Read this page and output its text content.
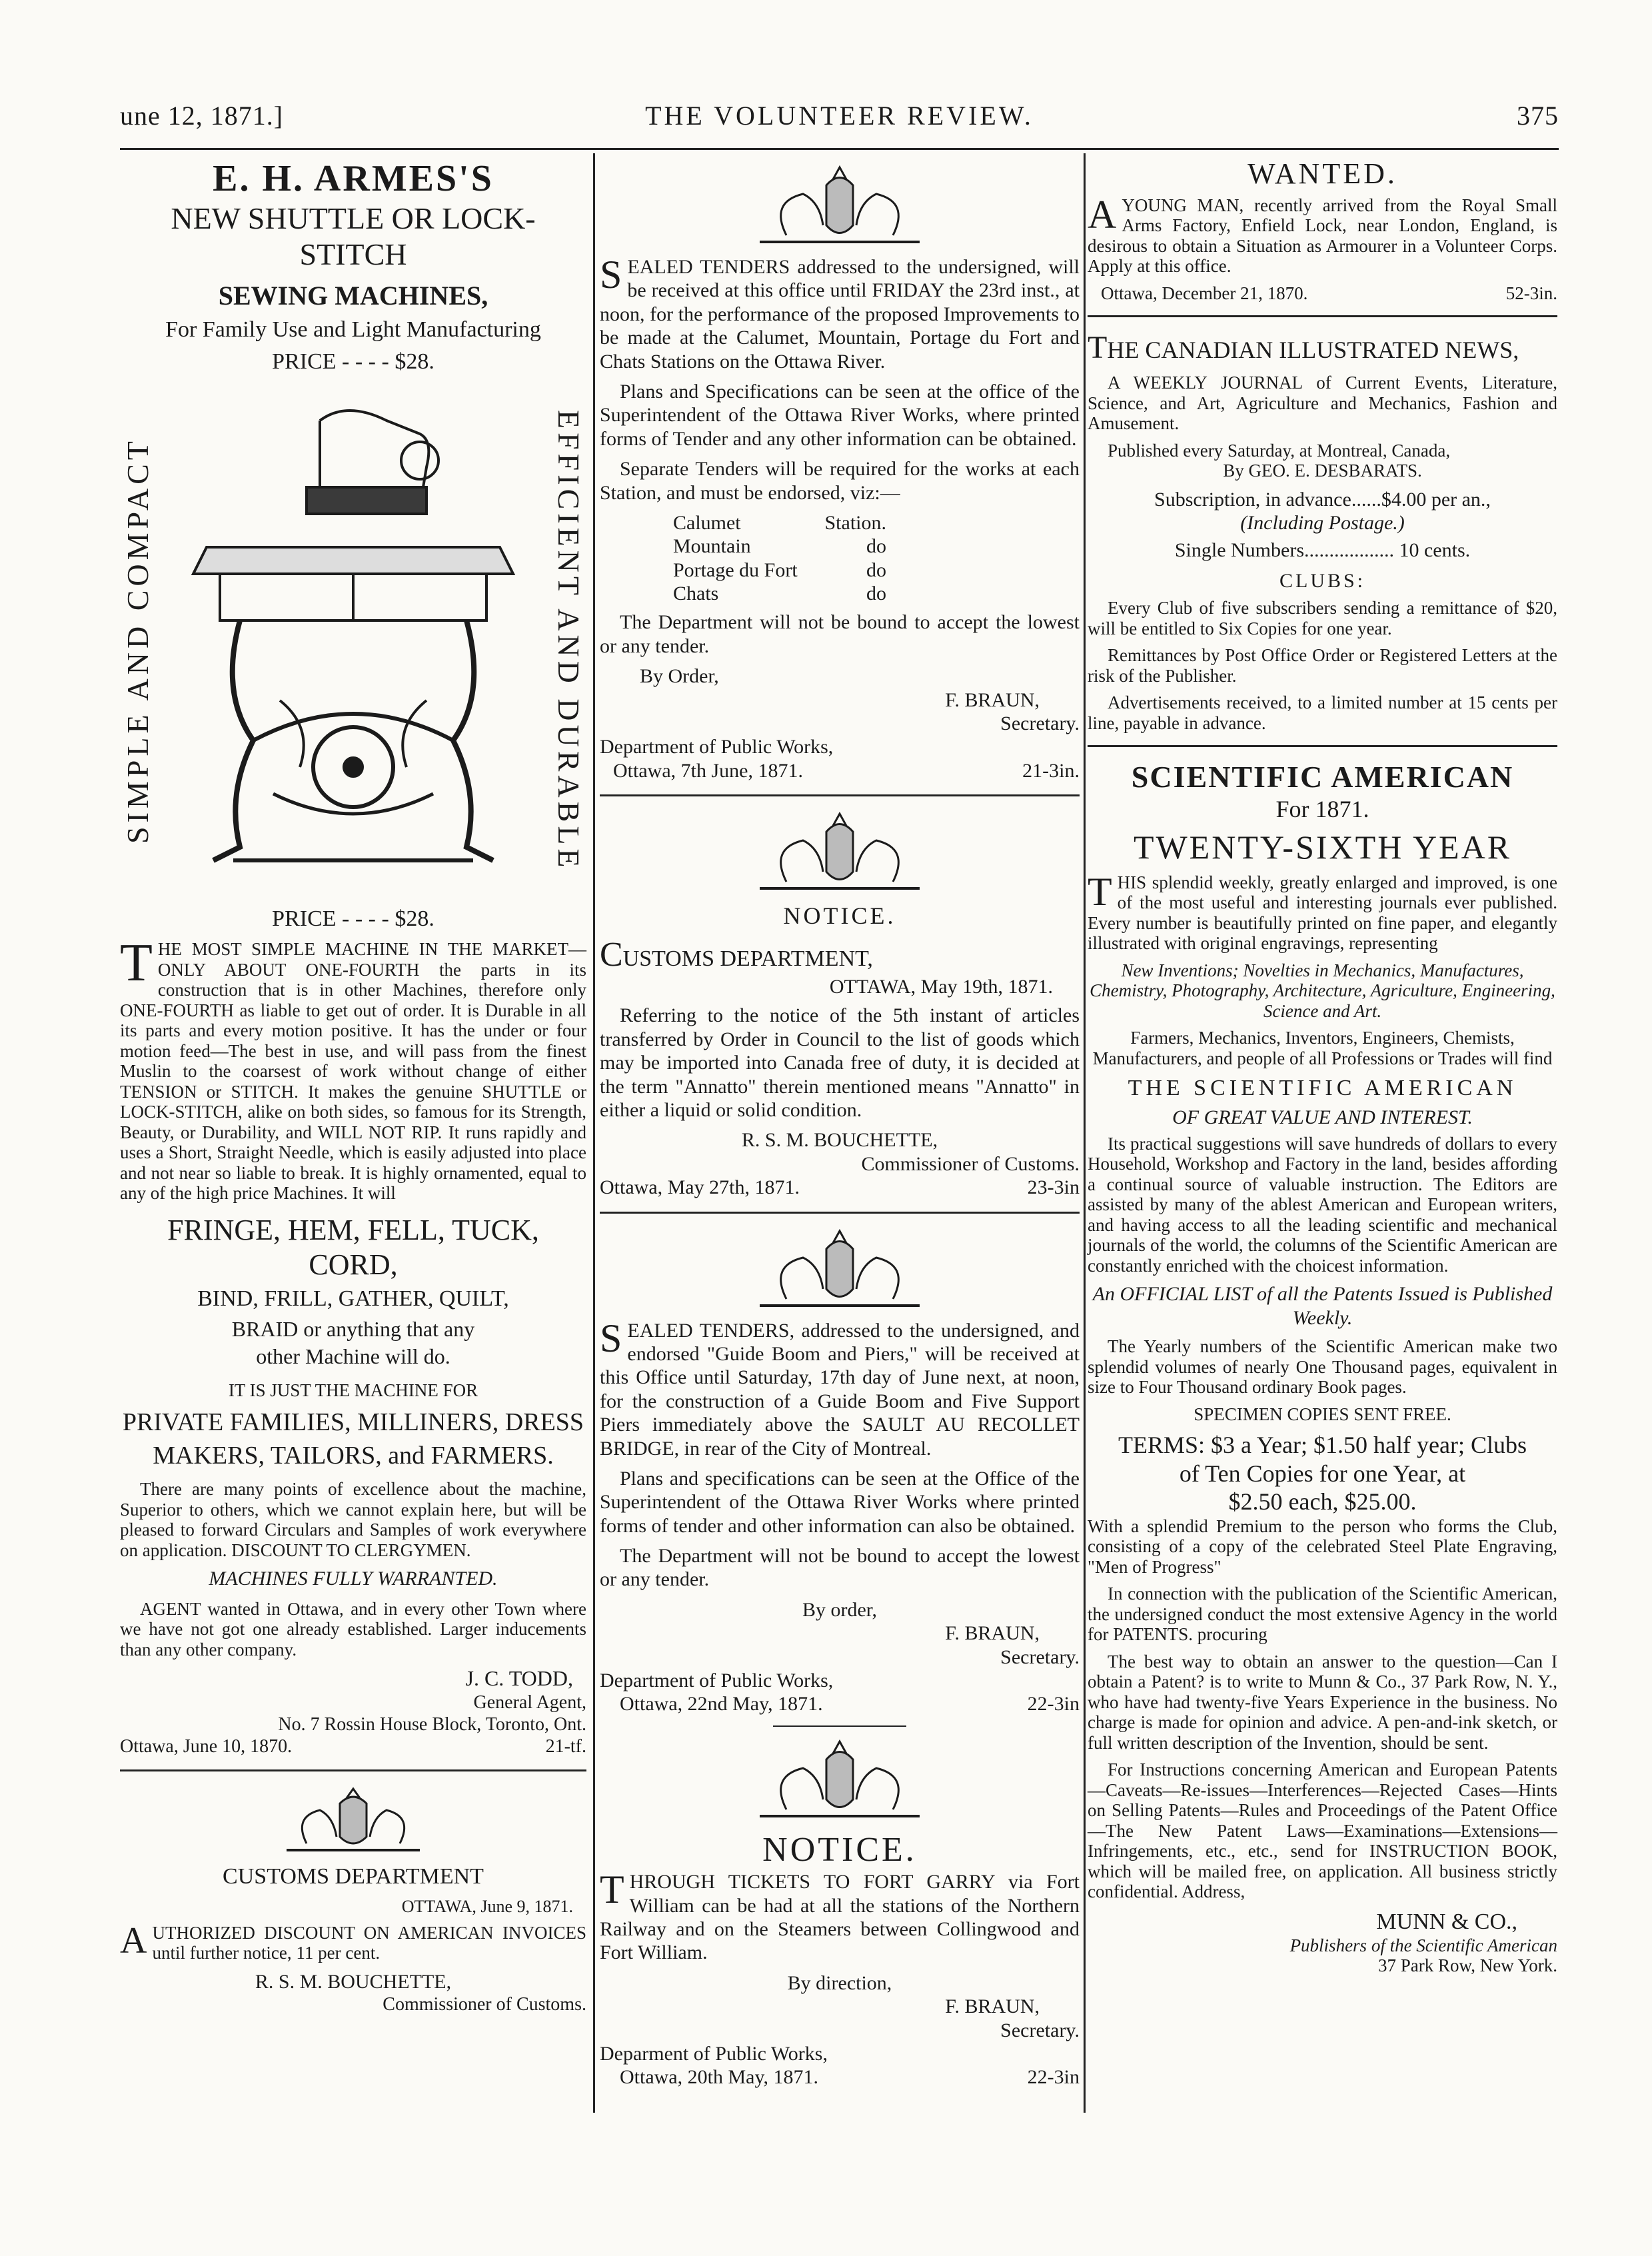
une 12, 1871.]	THE VOLUNTEER REVIEW.	375
E. H. ARMES'S
NEW SHUTTLE OR LOCK-STITCH
SEWING MACHINES,
For Family Use and Light Manufacturing
PRICE - - - - $28.
SIMPLE AND COMPACT	EFFICIENT AND DURABLE
PRICE - - - - $28.

THE MOST SIMPLE MACHINE IN THE MARKET—ONLY ABOUT ONE-FOURTH the parts in its construction that is in other Machines, therefore only ONE-FOURTH as liable to get out of order. It is Durable in all its parts and every motion positive. It has the under or four motion feed—The best in use, and will pass from the finest Muslin to the coarsest of work without change of either TENSION or STITCH. It makes the genuine SHUTTLE or LOCK-STITCH, alike on both sides, so famous for its Strength, Beauty, or Durability, and WILL NOT RIP. It runs rapidly and uses a Short, Straight Needle, which is easily adjusted into place and not near so liable to break. It is highly ornamented, equal to any of the high price Machines. It will

FRINGE, HEM, FELL, TUCK, CORD,
BIND, FRILL, GATHER, QUILT,
BRAID or anything that any
other Machine will do.
IT IS JUST THE MACHINE FOR
PRIVATE FAMILIES, MILLINERS, DRESS
MAKERS, TAILORS, and FARMERS.

There are many points of excellence about the machine, Superior to others, which we cannot explain here, but will be pleased to forward Circulars and Samples of work everywhere on application. DISCOUNT TO CLERGYMEN.

MACHINES FULLY WARRANTED.

AGENT wanted in Ottawa, and in every other Town where we have not got one already established. Larger inducements than any other company.

J. C. TODD,
General Agent,
No. 7 Rossin House Block, Toronto, Ont.
Ottawa, June 10, 1870.	21-tf.
CUSTOMS DEPARTMENT
OTTAWA, June 9, 1871.

AUTHORIZED DISCOUNT ON AMERICAN INVOICES until further notice, 11 per cent.

R. S. M. BOUCHETTE,
Commissioner of Customs.

SEALED TENDERS addressed to the undersigned, will be received at this office until FRIDAY the 23rd inst., at noon, for the performance of the proposed Improvements to be made at the Calumet, Mountain, Portage du Fort and Chats Stations on the Ottawa River.

Plans and Specifications can be seen at the office of the Superintendent of the Ottawa River Works, where printed forms of Tender and any other information can be obtained.

Separate Tenders will be required for the works at each Station, and must be endorsed, viz:—

Calumet	Station.
Mountain	do
Portage du Fort	do
Chats	do

The Department will not be bound to accept the lowest or any tender.

By Order,
F. BRAUN,
Secretary.
Department of Public Works,
Ottawa, 7th June, 1871.	21-3in.
NOTICE.
CUSTOMS DEPARTMENT,
OTTAWA, May 19th, 1871.

Referring to the notice of the 5th instant of articles transferred by Order in Council to the list of goods which may be imported into Canada free of duty, it is decided at the term "Annatto" therein mentioned means "Annatto" in either a liquid or solid condition.

R. S. M. BOUCHETTE,
Commissioner of Customs.
Ottawa, May 27th, 1871.	23-3in

SEALED TENDERS, addressed to the undersigned, and endorsed "Guide Boom and Piers," will be received at this Office until Saturday, 17th day of June next, at noon, for the construction of a Guide Boom and Five Support Piers immediately above the SAULT AU RECOLLET BRIDGE, in rear of the City of Montreal.

Plans and specifications can be seen at the Office of the Superintendent of the Ottawa River Works where printed forms of tender and other information can also be obtained.

The Department will not be bound to accept the lowest or any tender.

By order,
F. BRAUN,
Secretary.
Department of Public Works,
Ottawa, 22nd May, 1871.	22-3in
NOTICE.

THROUGH TICKETS TO FORT GARRY via Fort William can be had at all the stations of the Northern Railway and on the Steamers between Collingwood and Fort William.

By direction,
F. BRAUN,
Secretary.
Deparment of Public Works,
Ottawa, 20th May, 1871.	22-3in
WANTED.

AYOUNG MAN, recently arrived from the Royal Small Arms Factory, Enfield Lock, near London, England, is desirous to obtain a Situation as Armourer in a Volunteer Corps. Apply at this office.

Ottawa, December 21, 1870.	52-3in.
THE CANADIAN ILLUSTRATED NEWS,

A WEEKLY JOURNAL of Current Events, Literature, Science, and Art, Agriculture and Mechanics, Fashion and Amusement.

Published every Saturday, at Montreal, Canada,

By GEO. E. DESBARATS.
Subscription, in advance......$4.00 per an.,
(Including Postage.)
Single Numbers.................. 10 cents.
CLUBS:

Every Club of five subscribers sending a remittance of $20, will be entitled to Six Copies for one year.

Remittances by Post Office Order or Registered Letters at the risk of the Publisher.

Advertisements received, to a limited number at 15 cents per line, payable in advance.

SCIENTIFIC AMERICAN
For 1871.
TWENTY-SIXTH YEAR

THIS splendid weekly, greatly enlarged and improved, is one of the most useful and interesting journals ever published. Every number is beautifully printed on fine paper, and elegantly illustrated with original engravings, representing

New Inventions; Novelties in Mechanics, Manufactures, Chemistry, Photography, Architecture, Agriculture, Engineering, Science and Art.

Farmers, Mechanics, Inventors, Engineers, Chemists, Manufacturers, and people of all Professions or Trades will find

THE SCIENTIFIC AMERICAN
OF GREAT VALUE AND INTEREST.

Its practical suggestions will save hundreds of dollars to every Household, Workshop and Factory in the land, besides affording a continual source of valuable instruction. The Editors are assisted by many of the ablest American and European writers, and having access to all the leading scientific and mechanical journals of the world, the columns of the Scientific American are constantly enriched with the choicest information.

An OFFICIAL LIST of all the Patents Issued is Published Weekly.

The Yearly numbers of the Scientific American make two splendid volumes of nearly One Thousand pages, equivalent in size to Four Thousand ordinary Book pages.

SPECIMEN COPIES SENT FREE.
TERMS: $3 a Year; $1.50 half year; Clubs
of Ten Copies for one Year, at
$2.50 each, $25.00.

With a splendid Premium to the person who forms the Club, consisting of a copy of the celebrated Steel Plate Engraving, "Men of Progress"

In connection with the publication of the Scientific American, the undersigned conduct the most extensive Agency in the world for PATENTS. procuring

The best way to obtain an answer to the question—Can I obtain a Patent? is to write to Munn & Co., 37 Park Row, N. Y., who have had twenty-five Years Experience in the business. No charge is made for opinion and advice. A pen-and-ink sketch, or full written description of the Invention, should be sent.

For Instructions concerning American and European Patents—Caveats—Re-issues—Interferences—Rejected Cases—Hints on Selling Patents—Rules and Proceedings of the Patent Office—The New Patent Laws—Examinations—Extensions—Infringements, etc., etc., send for INSTRUCTION BOOK, which will be mailed free, on application. All business strictly confidential. Address,

MUNN & CO.,
Publishers of the Scientific American
37 Park Row, New York.
